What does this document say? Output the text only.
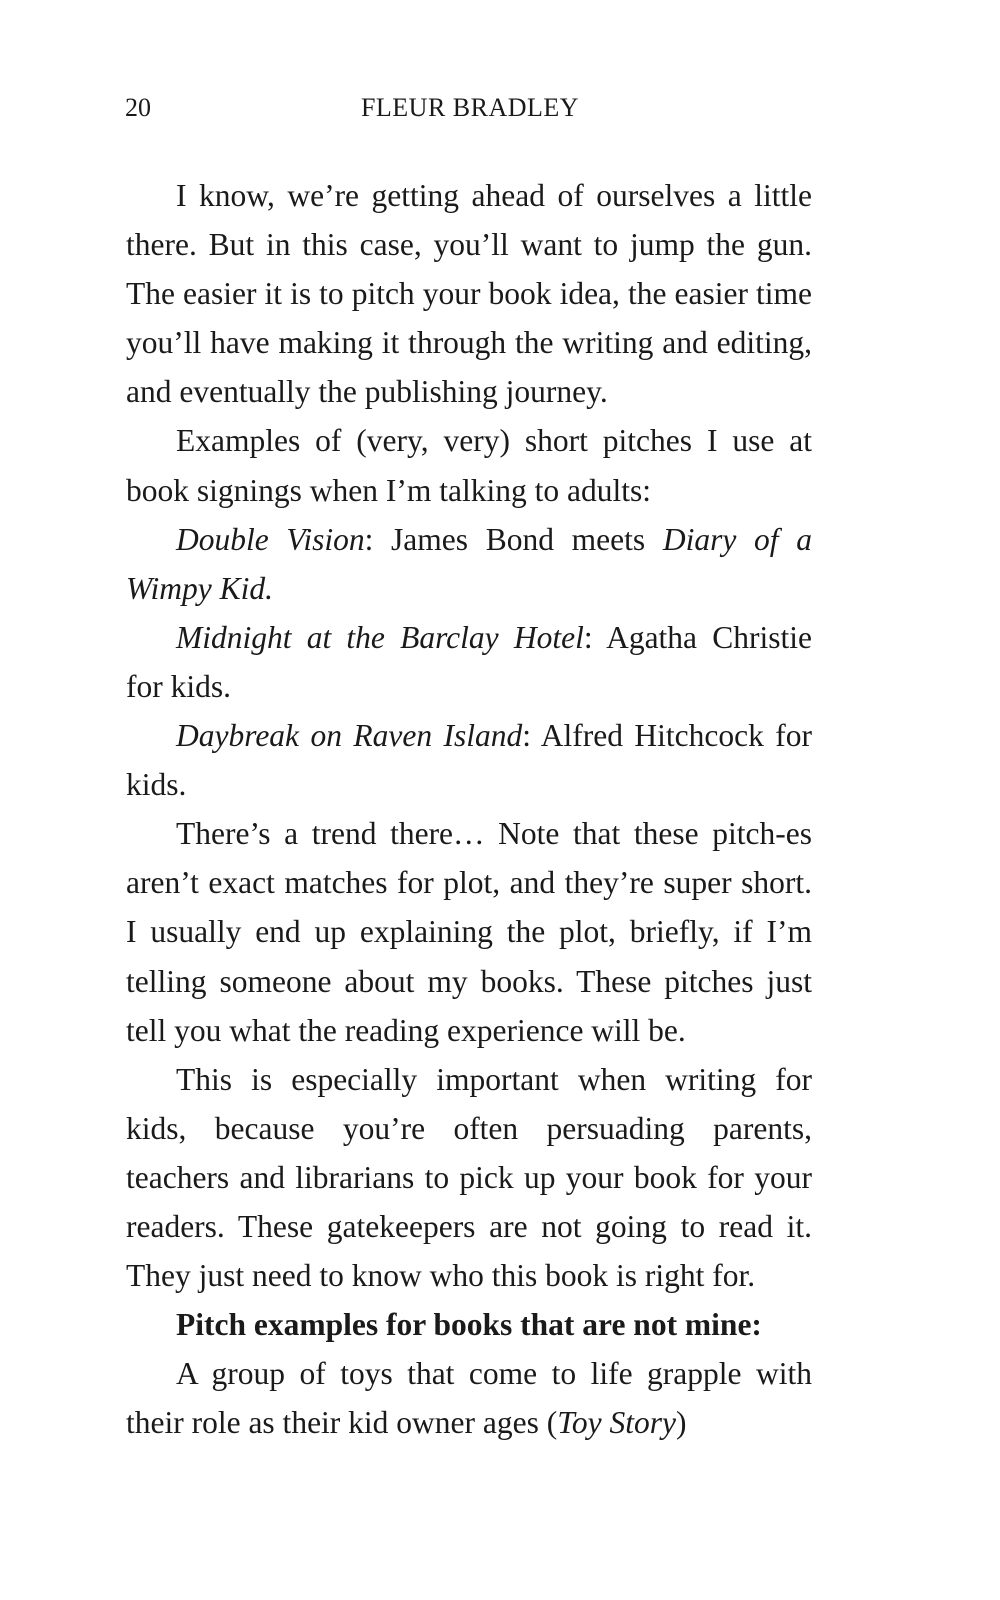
20	FLEUR BRADLEY

I know, we’re getting ahead of ourselves a little there. But in this case, you’ll want to jump the gun. The easier it is to pitch your book idea, the easier time you’ll have making it through the writing and editing, and eventually the publishing journey.

Examples of (very, very) short pitches I use at book signings when I’m talking to adults:

Double Vision: James Bond meets Diary of a Wimpy Kid.

Midnight at the Barclay Hotel: Agatha Christie for kids.

Daybreak on Raven Island: Alfred Hitchcock for kids.

There’s a trend there… Note that these pitch-es aren’t exact matches for plot, and they’re super short. I usually end up explaining the plot, briefly, if I’m telling someone about my books. These pitches just tell you what the reading experience will be.

This is especially important when writing for kids, because you’re often persuading parents, teachers and librarians to pick up your book for your readers. These gatekeepers are not going to read it. They just need to know who this book is right for.

Pitch examples for books that are not mine:

A group of toys that come to life grapple with their role as their kid owner ages (Toy Story)
